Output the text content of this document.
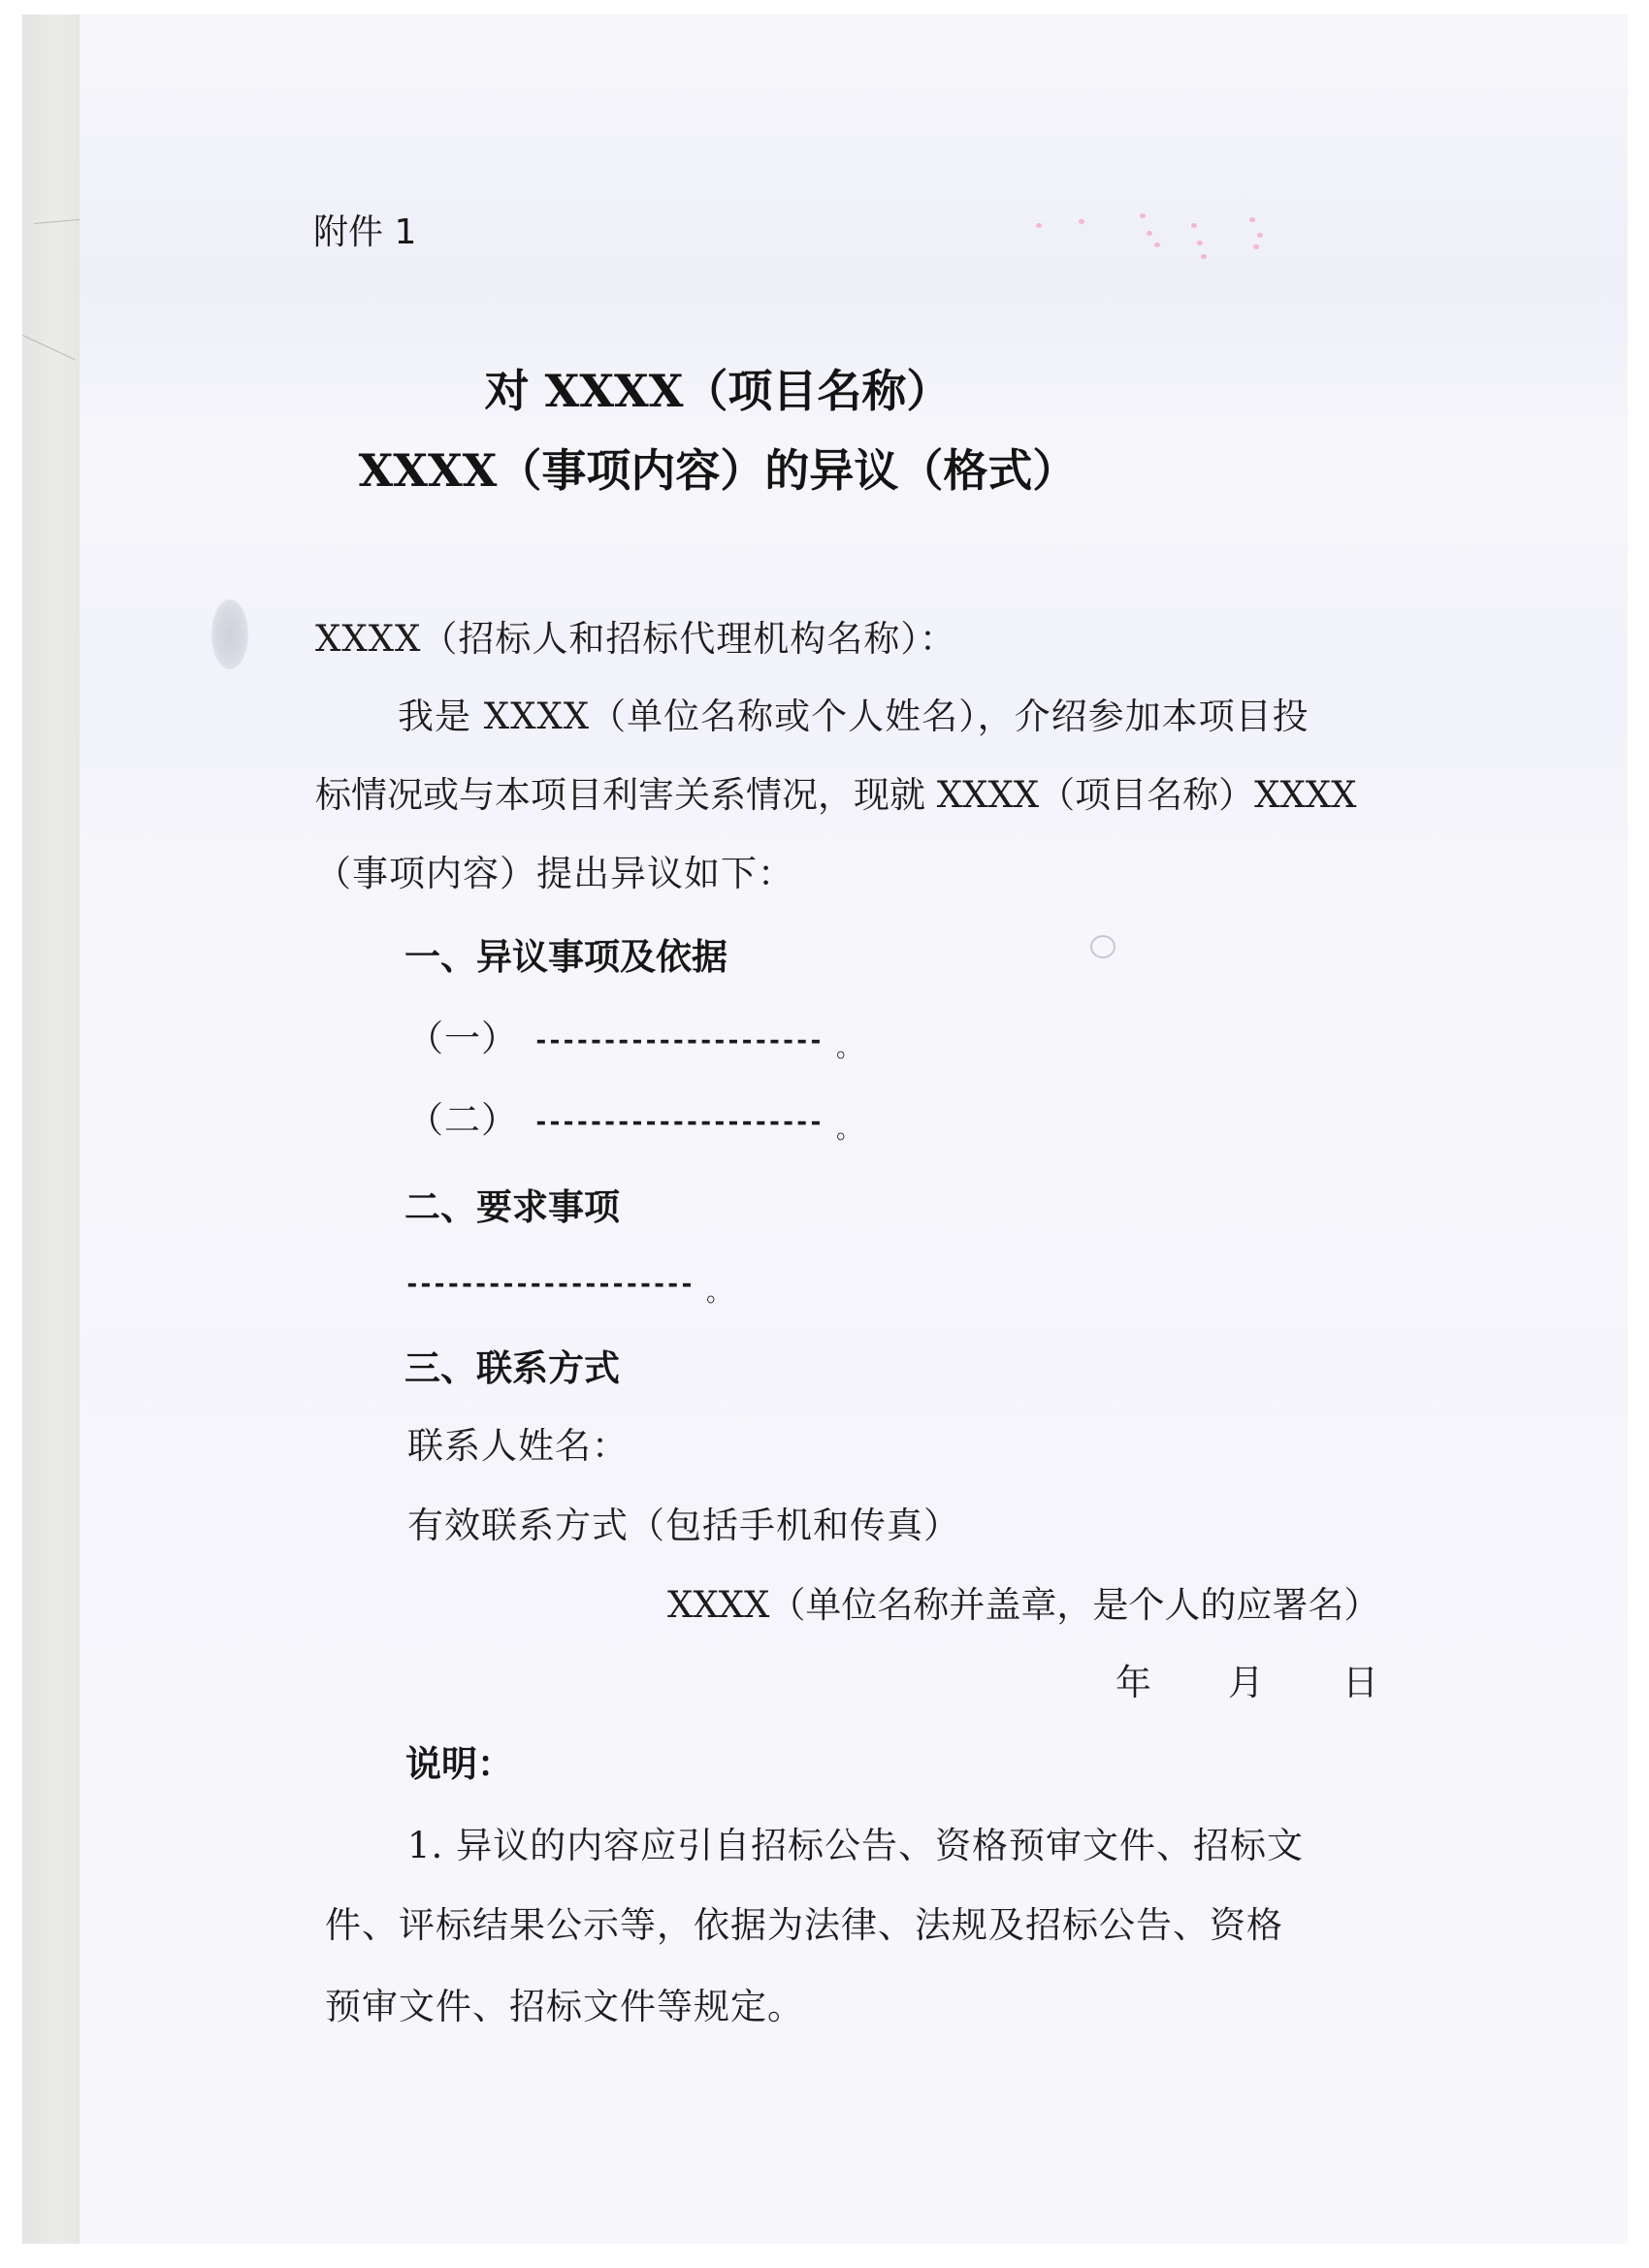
附件 1
对 XXXX（项目名称）
XXXX（事项内容）的异议（格式）
XXXX（招标人和招标代理机构名称）：
我是 XXXX（单位名称或个人姓名），介绍参加本项目投
标情况或与本项目利害关系情况，现就 XXXX（项目名称）XXXX
（事项内容）提出异议如下：
一、异议事项及依据
（一） --------------------- 。
（二） --------------------- 。
二、要求事项
--------------------- 。
三、联系方式
联系人姓名：
有效联系方式（包括手机和传真）
XXXX（单位名称并盖章，是个人的应署名）
年 月 日
说明：
1. 异议的内容应引自招标公告、资格预审文件、招标文
件、评标结果公示等，依据为法律、法规及招标公告、资格
预审文件、招标文件等规定。
